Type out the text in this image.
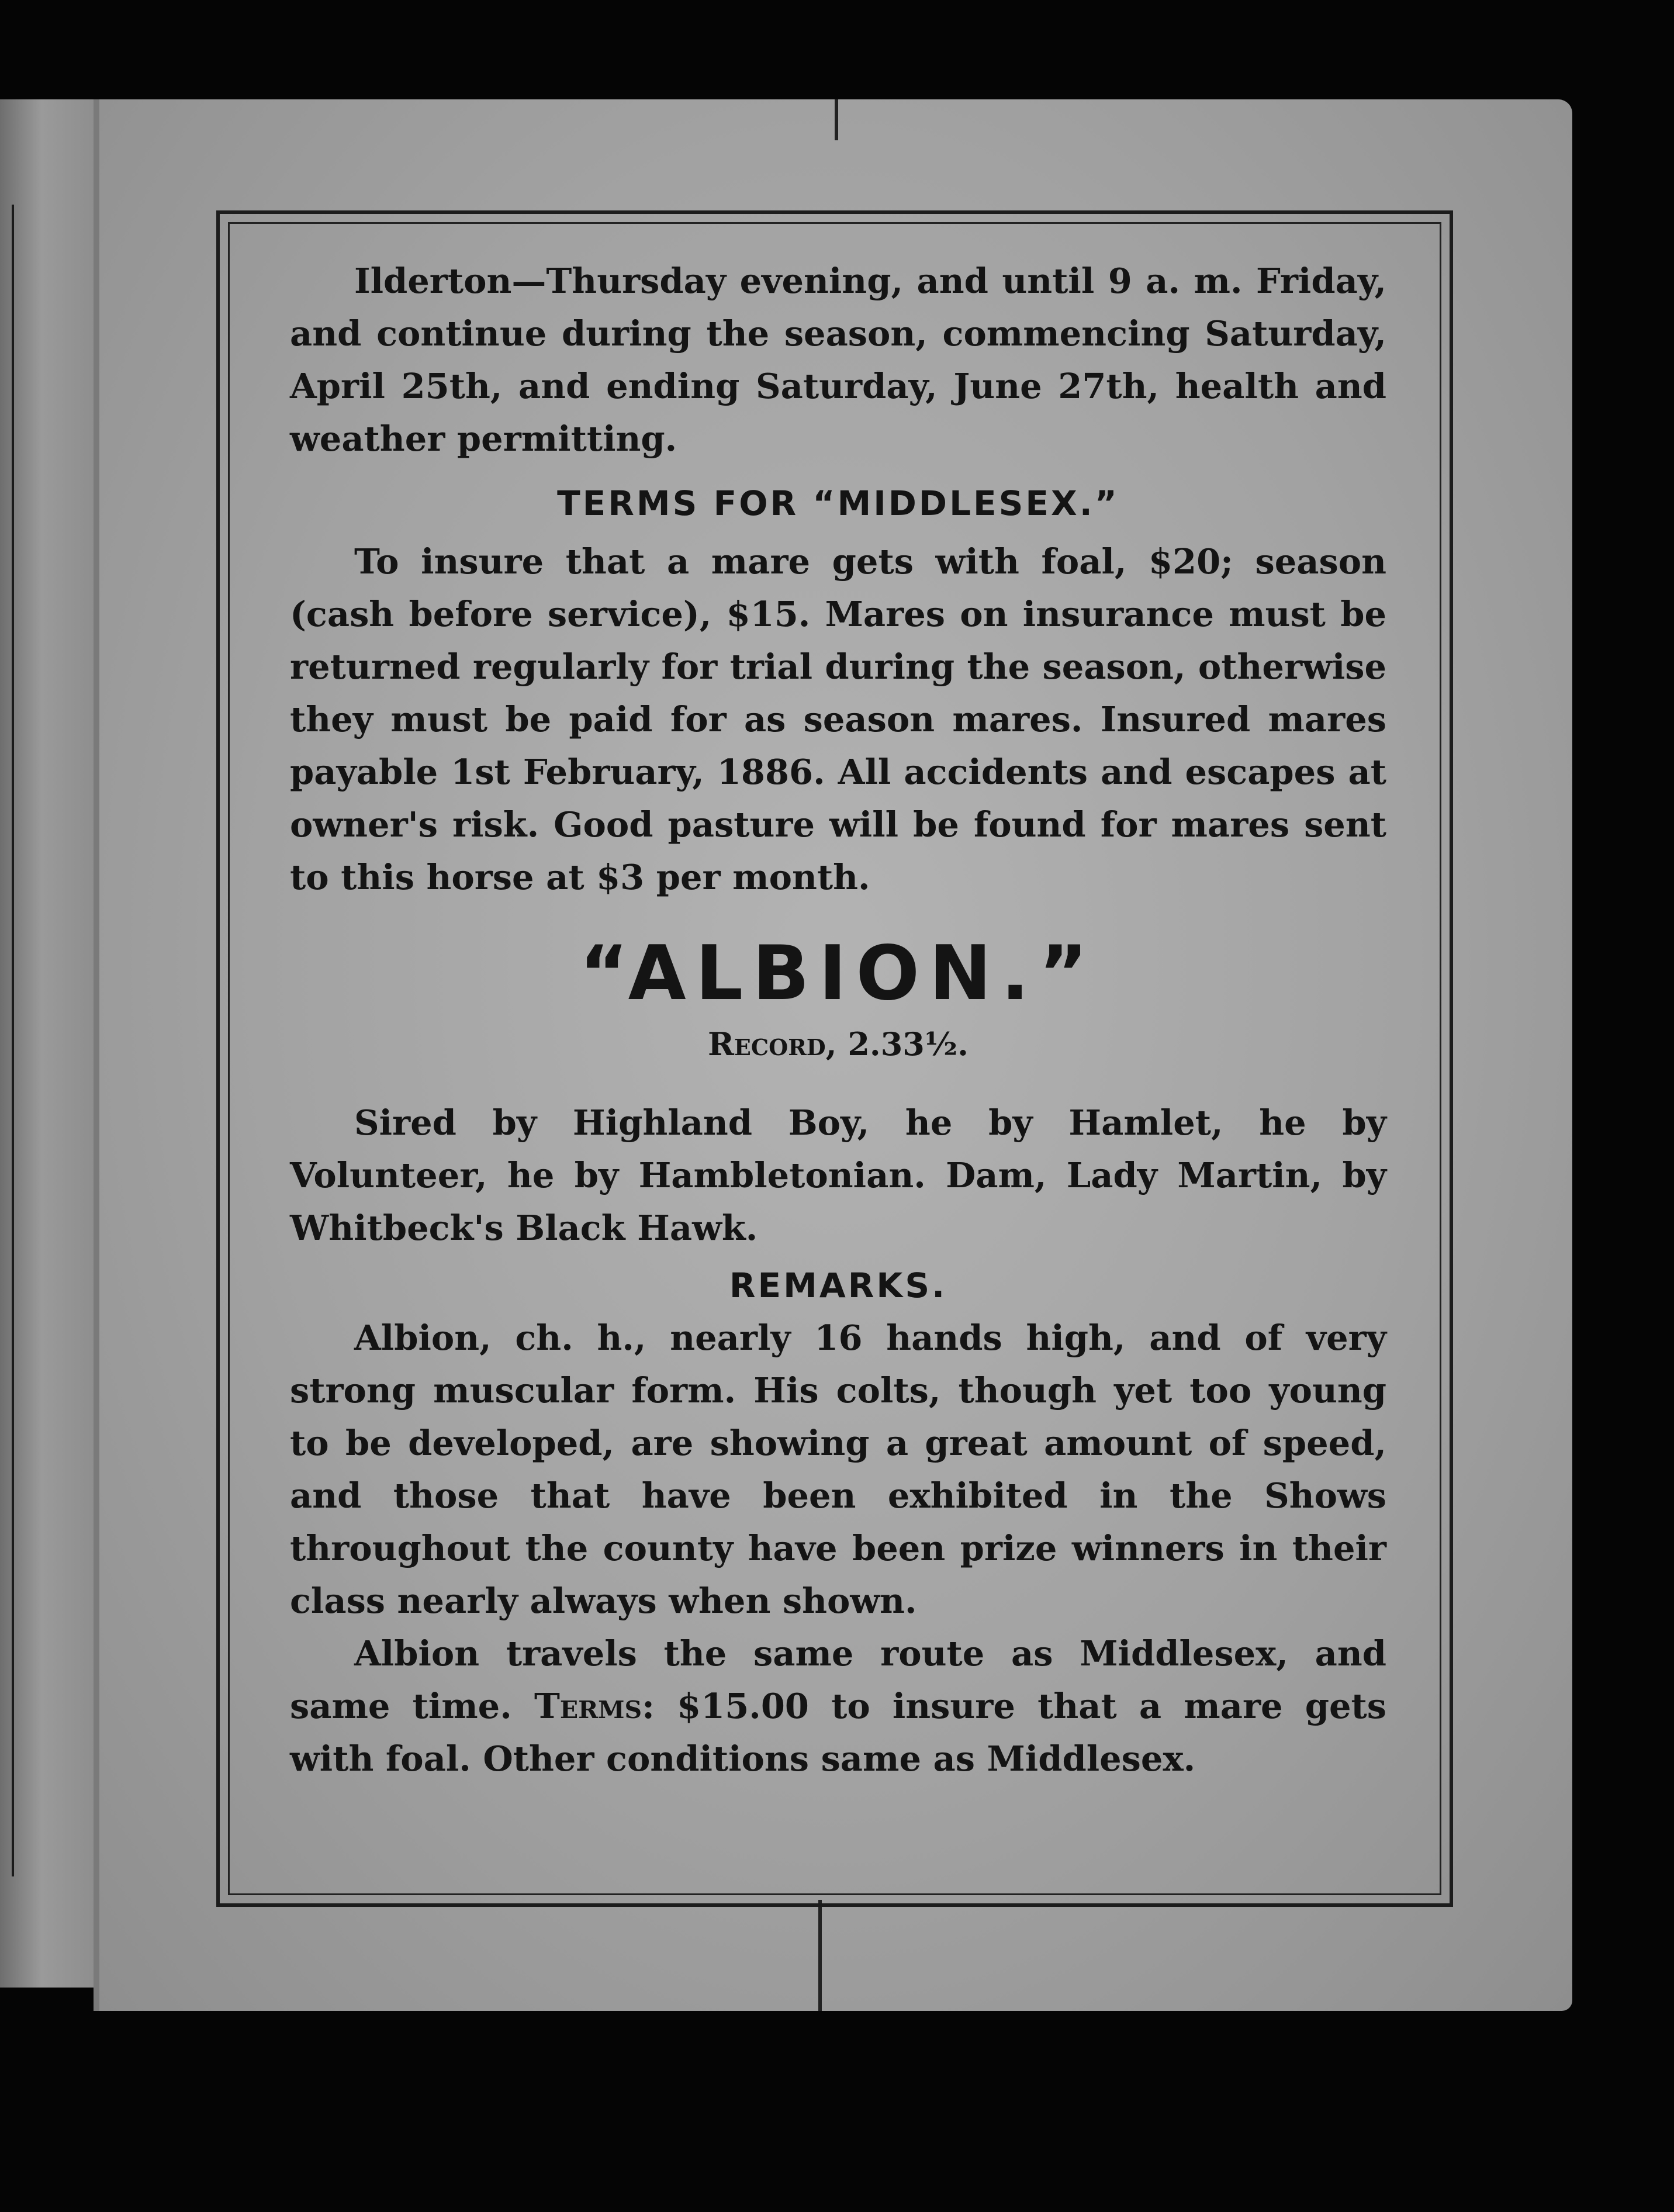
Ilderton—Thursday evening, and until 9 a. m. Friday, and continue during the season, commencing Saturday, April 25th, and ending Saturday, June 27th, health and weather permitting.

TERMS FOR “MIDDLESEX.”

To insure that a mare gets with foal, $20; season (cash before service), $15. Mares on insurance must be returned regularly for trial during the season, otherwise they must be paid for as season mares. Insured mares payable 1st February, 1886. All accidents and escapes at owner's risk. Good pasture will be found for mares sent to this horse at $3 per month.

“ALBION.”
Record, 2.33½.

Sired by Highland Boy, he by Hamlet, he by Volunteer, he by Hambletonian. Dam, Lady Martin, by Whitbeck's Black Hawk.

REMARKS.

Albion, ch. h., nearly 16 hands high, and of very strong muscular form. His colts, though yet too young to be developed, are showing a great amount of speed, and those that have been exhibited in the Shows throughout the county have been prize winners in their class nearly always when shown.

Albion travels the same route as Middlesex, and same time. Terms: $15.00 to insure that a mare gets with foal. Other conditions same as Middlesex.
